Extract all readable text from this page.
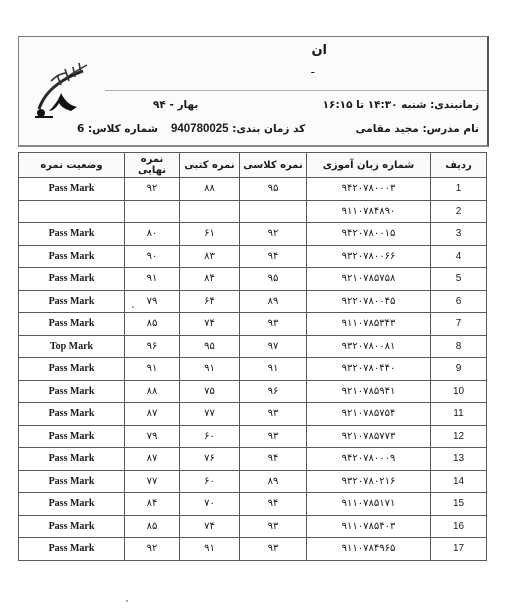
ان
-
زمانبندی: شنبه ۱۴:۳۰ تا ۱۶:۱۵
بهار - ۹۴
نام مدرس: مجید مقامی
کد زمان بندی: 940780025
شماره کلاس: 6
وضعیت نمره	نمره نهایی	نمره کتبی	نمره کلاسی	شماره زبان آموزی	ردیف
Pass Mark	۹۲	۸۸	۹۵	۹۴۲۰۷۸۰۰۰۳	1
				۹۱۱۰۷۸۴۸۹۰	2
Pass Mark	۸۰	۶۱	۹۲	۹۴۲۰۷۸۰۰۱۵	3
Pass Mark	۹۰	۸۳	۹۴	۹۳۲۰۷۸۰۰۶۶	4
Pass Mark	۹۱	۸۴	۹۵	۹۲۱۰۷۸۵۷۵۸	5
Pass Mark	۷۹	۶۴	۸۹	۹۲۲۰۷۸۰۰۴۵	6
Pass Mark	۸۵	۷۴	۹۳	۹۱۱۰۷۸۵۳۴۳	7
Top Mark	۹۶	۹۵	۹۷	۹۳۲۰۷۸۰۰۸۱	8
Pass Mark	۹۱	۹۱	۹۱	۹۳۲۰۷۸۰۴۴۰	9
Pass Mark	۸۸	۷۵	۹۶	۹۲۱۰۷۸۵۹۴۱	10
Pass Mark	۸۷	۷۷	۹۳	۹۲۱۰۷۸۵۷۵۴	11
Pass Mark	۷۹	۶۰	۹۳	۹۲۱۰۷۸۵۷۷۳	12
Pass Mark	۸۷	۷۶	۹۴	۹۴۲۰۷۸۰۰۰۹	13
Pass Mark	۷۷	۶۰	۸۹	۹۳۲۰۷۸۰۲۱۶	14
Pass Mark	۸۴	۷۰	۹۴	۹۱۱۰۷۸۵۱۷۱	15
Pass Mark	۸۵	۷۴	۹۳	۹۱۱۰۷۸۵۴۰۳	16
Pass Mark	۹۲	۹۱	۹۳	۹۱۱۰۷۸۴۹۶۵	17
